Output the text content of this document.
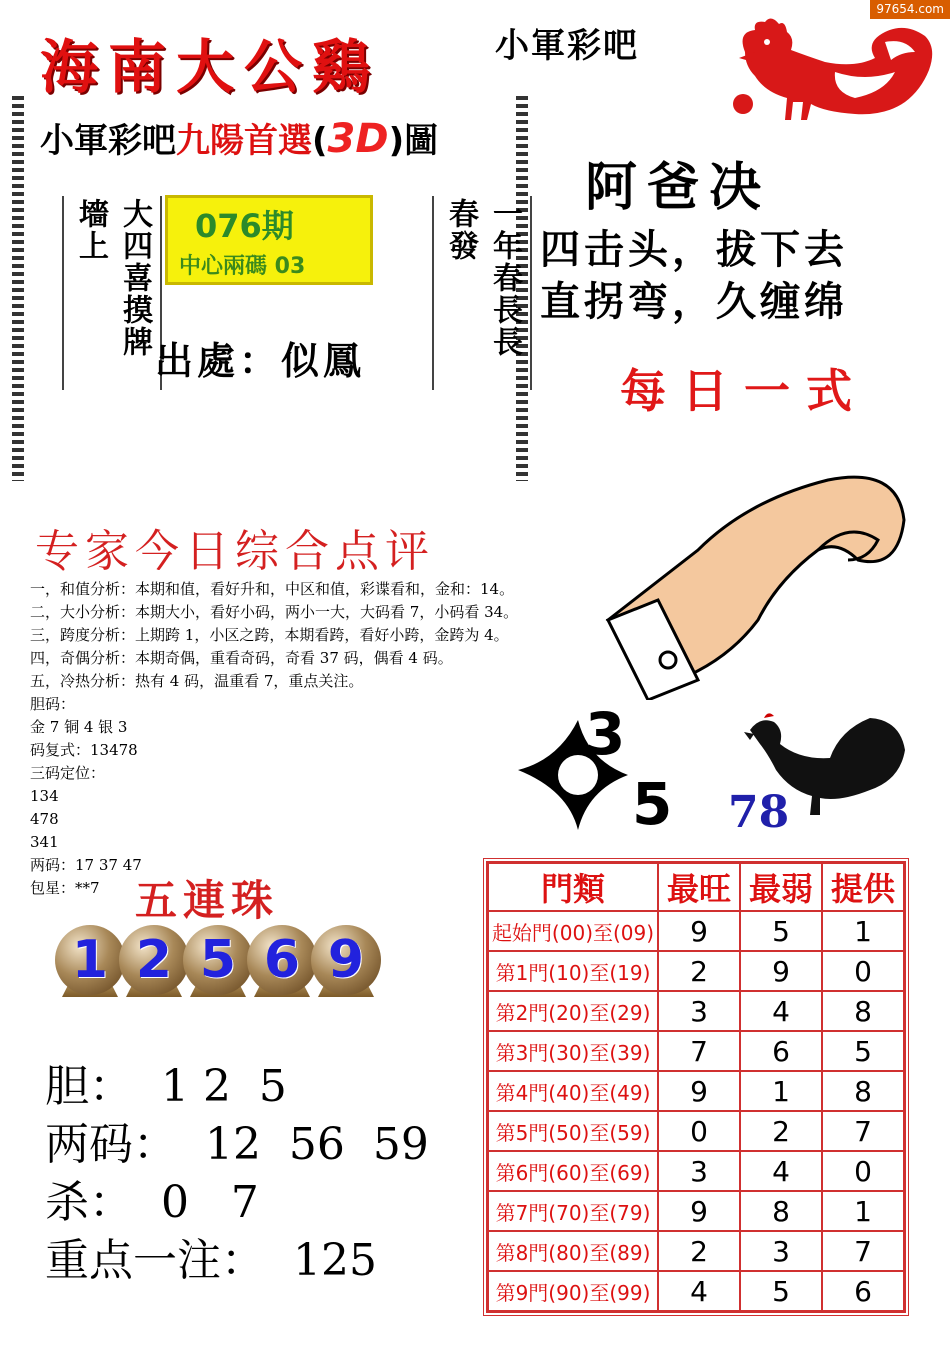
97654.com
海南大公鷄	小軍彩吧
小軍彩吧九陽首選(3D)圖
大四喜摸牌墻上	一年春長長春發
076期
中心兩碼 03
出處：似鳳
阿爸决
四击头，拔下去
直拐弯，久缠绵
每日一式
3
5 78
专家今日综合点评
一，和值分析：本期和值，看好升和，中区和值，彩谍看和，金和：14。
二，大小分析：本期大小，看好小码，两小一大，大码看 7，小码看 34。
三，跨度分析：上期跨 1，小区之跨，本期看跨，看好小跨，金跨为 4。
四，奇偶分析：本期奇偶，重看奇码，奇看 37 码，偶看 4 码。
五，冷热分析：热有 4 码，温重看 7，重点关注。
胆码：
金 7 铜 4 银 3
码复式：13478
三码定位：
134
478
341
两码：17 37 47
包星：**7 五連珠
1 2 5 6 9
胆：  1 2  5
两码：  12  56  59
杀：  0   7
重点一注：  125
門類	最旺	最弱	提供
起始門(00)至(09)	9	5	1
第1門(10)至(19)	2	9	0
第2門(20)至(29)	3	4	8
第3門(30)至(39)	7	6	5
第4門(40)至(49)	9	1	8
第5門(50)至(59)	0	2	7
第6門(60)至(69)	3	4	0
第7門(70)至(79)	9	8	1
第8門(80)至(89)	2	3	7
第9門(90)至(99)	4	5	6
